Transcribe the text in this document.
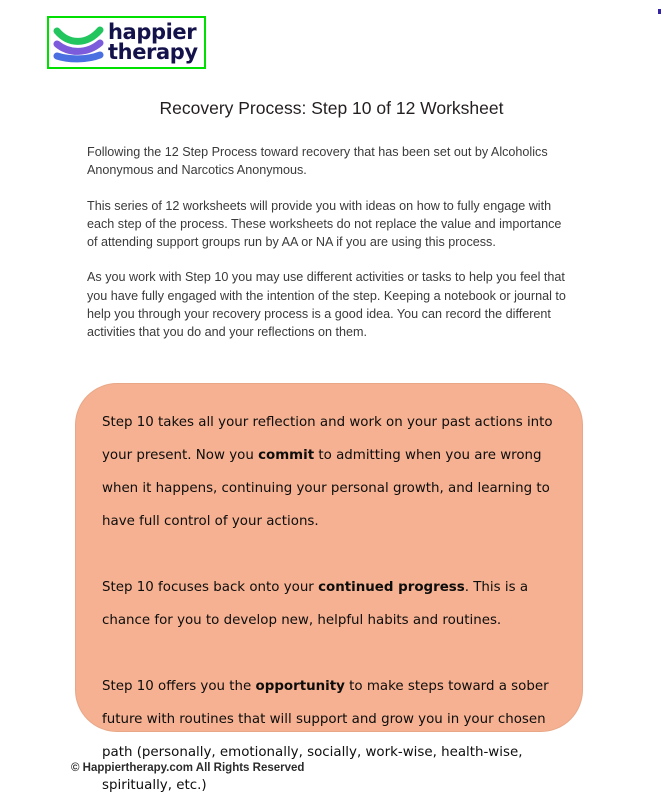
happier
therapy
Recovery Process: Step 10 of 12 Worksheet

Following the 12 Step Process toward recovery that has been set out by Alcoholics Anonymous and Narcotics Anonymous.

This series of 12 worksheets will provide you with ideas on how to fully engage with each step of the process. These worksheets do not replace the value and importance of attending support groups run by AA or NA if you are using this process.

As you work with Step 10 you may use different activities or tasks to help you feel that you have fully engaged with the intention of the step. Keeping a notebook or journal to help you through your recovery process is a good idea. You can record the different activities that you do and your reflections on them.

Step 10 takes all your reflection and work on your past actions into your present. Now you commit to admitting when you are wrong when it happens, continuing your personal growth, and learning to have full control of your actions.

Step 10 focuses back onto your continued progress. This is a chance for you to develop new, helpful habits and routines.

Step 10 offers you the opportunity to make steps toward a sober future with routines that will support and grow you in your chosen path (personally, emotionally, socially, work-wise, health-wise, spiritually, etc.)

© Happiertherapy.com All Rights Reserved
